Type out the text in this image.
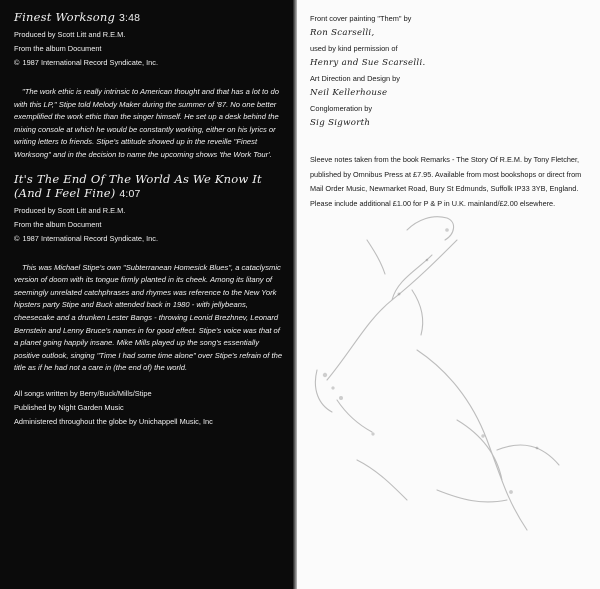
Finest Worksong 3:48

Produced by Scott Litt and R.E.M.

From the album Document

© 1987 International Record Syndicate, Inc.

"The work ethic is really intrinsic to American thought and that has a lot to do with this LP," Stipe told Melody Maker during the summer of '87. No one better exemplified the work ethic than the singer himself. He set up a desk behind the mixing console at which he would be constantly working, either on his lyrics or writing letters to friends. Stipe's attitude showed up in the reveille "Finest Worksong" and in the decision to name the upcoming shows 'the Work Tour'.

It's The End Of The World As We Know It (And I Feel Fine) 4:07

Produced by Scott Litt and R.E.M.

From the album Document

© 1987 International Record Syndicate, Inc.

This was Michael Stipe's own "Subterranean Homesick Blues", a cataclysmic version of doom with its tongue firmly planted in its cheek. Among its litany of seemingly unrelated catchphrases and rhymes was reference to the New York hipsters party Stipe and Buck attended back in 1980 - with jellybeans, cheesecake and a drunken Lester Bangs - throwing Leonid Brezhnev, Leonard Bernstein and Lenny Bruce's names in for good effect. Stipe's voice was that of a planet going happily insane. Mike Mills played up the song's essentially positive outlook, singing "Time I had some time alone" over Stipe's refrain of the title as if he had not a care in (the end of) the world.

All songs written by Berry/Buck/Mills/Stipe

Published by Night Garden Music

Administered throughout the globe by Unichappell Music, Inc

Front cover painting "Them" by

Ron Scarselli,

used by kind permission of

Henry and Sue Scarselli.

Art Direction and Design by

Neil Kellerhouse

Conglomeration by

Sig Sigworth

Sleeve notes taken from the book Remarks - The Story Of R.E.M. by Tony Fletcher, published by Omnibus Press at £7.95. Available from most bookshops or direct from Mail Order Music, Newmarket Road, Bury St Edmunds, Suffolk IP33 3YB, England. Please include additional £1.00 for P & P in U.K. mainland/£2.00 elsewhere.
